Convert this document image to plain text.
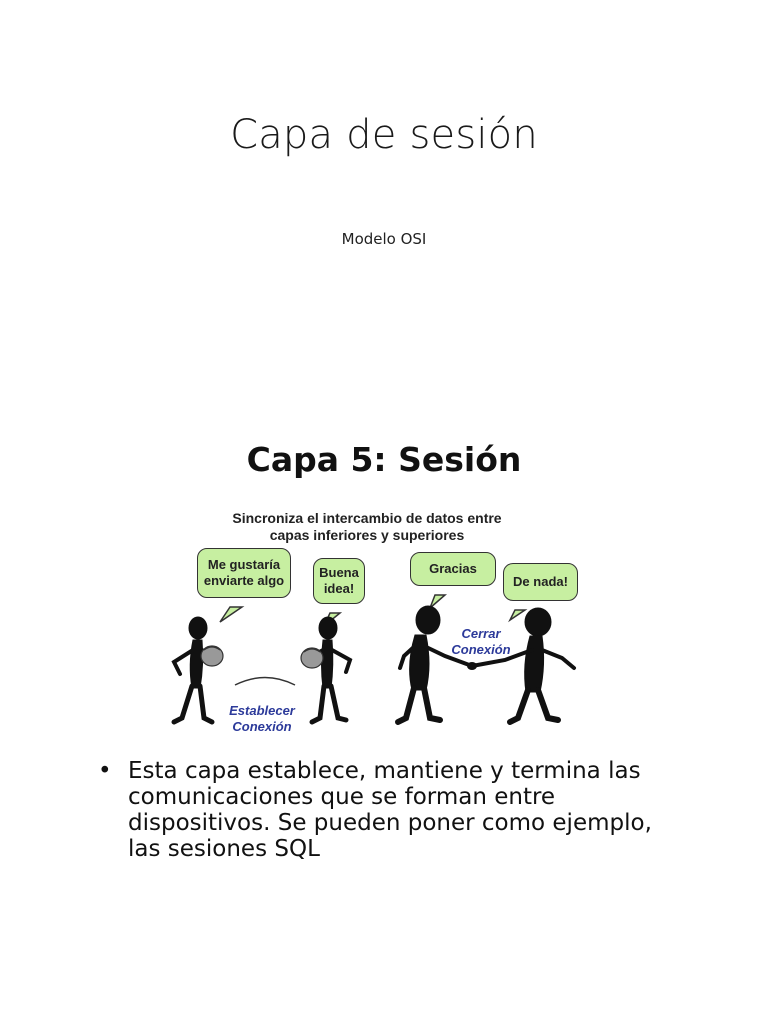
Capa de sesión
Modelo OSI
Capa 5: Sesión
Sincroniza el intercambio de datos entre
capas inferiores y superiores
Me gustaría
enviarte algo
Buena
idea!
Gracias
De nada!
Establecer
Conexión
Cerrar
Conexión
• Esta capa establece, mantiene y termina las comunicaciones que se forman entre dispositivos. Se pueden poner como ejemplo, las sesiones SQL
